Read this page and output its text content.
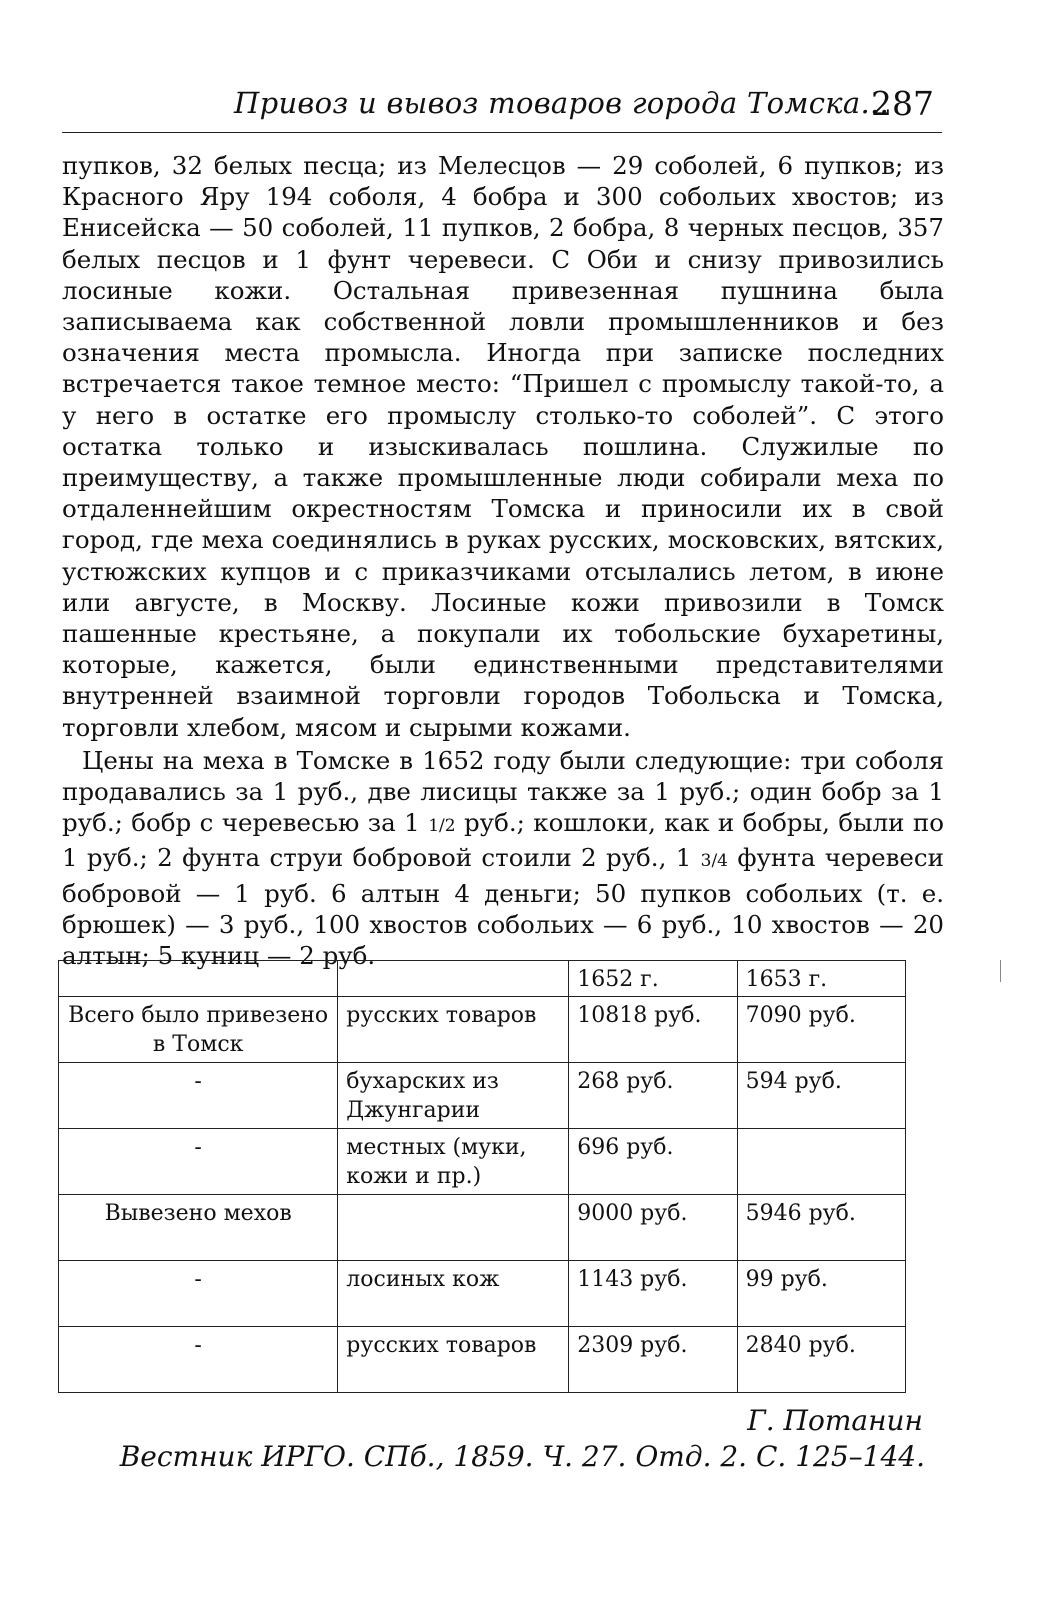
Привоз и вывоз товаров города Томска...
287

пупков, 32 белых песца; из Мелесцов — 29 соболей, 6 пупков; из Красного Яру 194 соболя, 4 бобра и 300 собольих хвостов; из Енисейска — 50 соболей, 11 пупков, 2 бобра, 8 черных песцов, 357 белых песцов и 1 фунт черевеси. С Оби и снизу привозились лосиные кожи. Остальная привезенная пушнина была записываема как собственной ловли промышленников и без означения места промысла. Иногда при записке последних встречается такое темное место: “Пришел с промыслу такой-то, а у него в остатке его промыслу столько-то соболей”. С этого остатка только и изыскивалась пошлина. Служилые по преимуществу, а также промышленные люди собирали меха по отдаленнейшим окрестностям Томска и приносили их в свой город, где меха соединялись в руках русских, московских, вятских, устюжских купцов и с приказчиками отсылались летом, в июне или августе, в Москву. Лосиные кожи привозили в Томск пашенные крестьяне, а покупали их тобольские бухаретины, которые, кажется, были единственными представителями внутренней взаимной торговли городов Тобольска и Томска, торговли хлебом, мясом и сырыми кожами.

Цены на меха в Томске в 1652 году были следующие: три соболя продавались за 1 руб., две лисицы также за 1 руб.; один бобр за 1 руб.; бобр с черевесью за 1 1/2 руб.; кошлоки, как и бобры, были по 1 руб.; 2 фунта струи бобровой стоили 2 руб., 1 3/4 фунта черевеси бобровой — 1 руб. 6 алтын 4 деньги; 50 пупков собольих (т. е. брюшек) — 3 руб., 100 хвостов собольих — 6 руб., 10 хвостов — 20 алтын; 5 куниц — 2 руб.

		1652 г.	1653 г.
Всего было привезено в Томск	русских товаров	10818 руб.	7090 руб.
-	бухарских из Джунгарии	268 руб.	594 руб.
-	местных (муки, кожи и пр.)	696 руб.	
Вывезено мехов		9000 руб.	5946 руб.
-	лосиных кож	1143 руб.	99 руб.
-	русских товаров	2309 руб.	2840 руб.
Г. Потанин
Вестник ИРГО. СПб., 1859. Ч. 27. Отд. 2. С. 125–144.
